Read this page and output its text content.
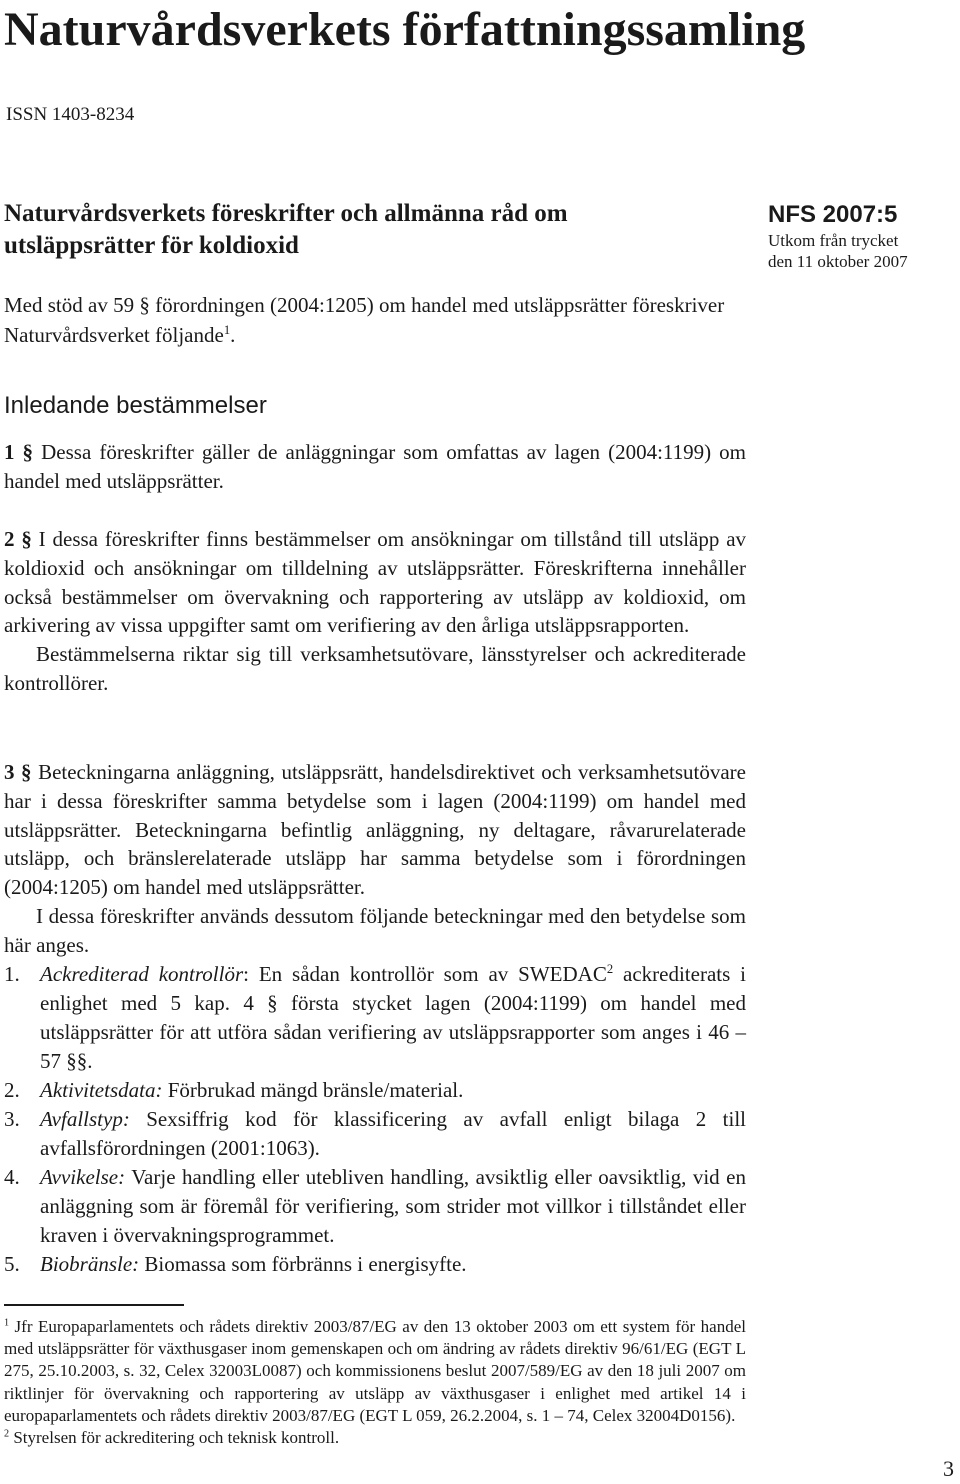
Naturvårdsverkets författningssamling
ISSN 1403-8234
Naturvårdsverkets föreskrifter och allmänna råd om utsläppsrätter för koldioxid
NFS 2007:5
Utkom från trycket
den 11 oktober 2007
Med stöd av 59 § förordningen (2004:1205) om handel med utsläppsrätter föreskriver Naturvårdsverket följande$^1$.
Inledande bestämmelser

1 § Dessa föreskrifter gäller de anläggningar som omfattas av lagen (2004:1199) om handel med utsläppsrätter.

2 § I dessa föreskrifter finns bestämmelser om ansökningar om tillstånd till utsläpp av koldioxid och ansökningar om tilldelning av utsläppsrätter. Föreskrifterna innehåller också bestämmelser om övervakning och rapportering av utsläpp av koldioxid, om arkivering av vissa uppgifter samt om verifiering av den årliga utsläppsrapporten.

Bestämmelserna riktar sig till verksamhetsutövare, länsstyrelser och ackrediterade kontrollörer.

3 § Beteckningarna anläggning, utsläppsrätt, handelsdirektivet och verksamhetsutövare har i dessa föreskrifter samma betydelse som i lagen (2004:1199) om handel med utsläppsrätter. Beteckningarna befintlig anläggning, ny deltagare, råvarurelaterade utsläpp, och bränslerelaterade utsläpp har samma betydelse som i förordningen (2004:1205) om handel med utsläppsrätter.

I dessa föreskrifter används dessutom följande beteckningar med den betydelse som här anges.

1. Ackrediterad kontrollör: En sådan kontrollör som av SWEDAC$^2$ ackrediterats i enlighet med 5 kap. 4 § första stycket lagen (2004:1199) om handel med utsläppsrätter för att utföra sådan verifiering av utsläppsrapporter som anges i 46 – 57 §§.
2. Aktivitetsdata: Förbrukad mängd bränsle/material.
3. Avfallstyp: Sexsiffrig kod för klassificering av avfall enligt bilaga 2 till avfallsförordningen (2001:1063).
4. Avvikelse: Varje handling eller utebliven handling, avsiktlig eller oavsiktlig, vid en anläggning som är föremål för verifiering, som strider mot villkor i tillståndet eller kraven i övervakningsprogrammet.
5. Biobränsle: Biomassa som förbränns i energisyfte.

$^1$ Jfr Europaparlamentets och rådets direktiv 2003/87/EG av den 13 oktober 2003 om ett system för handel med utsläppsrätter för växthusgaser inom gemenskapen och om ändring av rådets direktiv 96/61/EG (EGT L 275, 25.10.2003, s. 32, Celex 32003L0087) och kommissionens beslut 2007/589/EG av den 18 juli 2007 om riktlinjer för övervakning och rapportering av utsläpp av växthusgaser i enlighet med artikel 14 i europaparlamentets och rådets direktiv 2003/87/EG (EGT L 059, 26.2.2004, s. 1 – 74, Celex 32004D0156).

$^2$ Styrelsen för ackreditering och teknisk kontroll.

3
